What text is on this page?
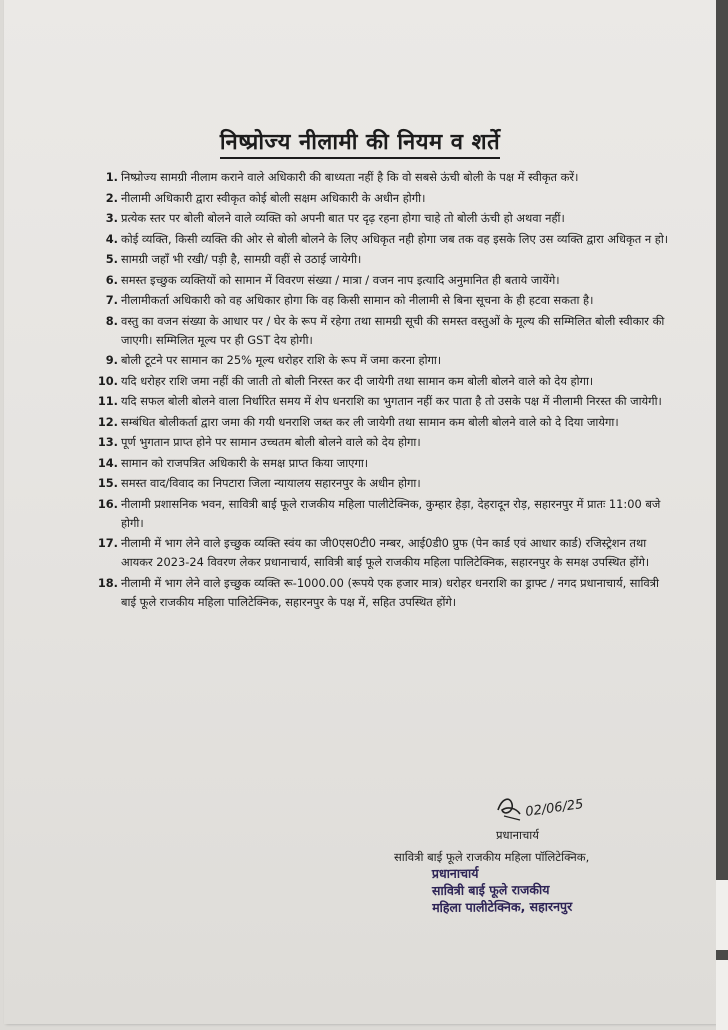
निष्प्रोज्य नीलामी की नियम व शर्ते
1. निष्प्रोज्य सामग्री नीलाम कराने वाले अधिकारी की बाध्यता नहीं है कि वो सबसे ऊंची बोली के पक्ष में स्वीकृत करें।
2. नीलामी अधिकारी द्वारा स्वीकृत कोई बोली सक्षम अधिकारी के अधीन होगी।
3. प्रत्येक स्तर पर बोली बोलने वाले व्यक्ति को अपनी बात पर दृढ़ रहना होगा चाहे तो बोली ऊंची हो अथवा नहीं।
4. कोई व्यक्ति, किसी व्यक्ति की ओर से बोली बोलने के लिए अधिकृत नही होगा जब तक वह इसके लिए उस व्यक्ति द्वारा अधिकृत न हो।
5. सामग्री जहाँ भी रखी/ पड़ी है, सामग्री वहीं से उठाई जायेगी।
6. समस्त इच्छुक व्यक्तियों को सामान में विवरण संख्या / मात्रा / वजन नाप इत्यादि अनुमानित ही बताये जायेंगे।
7. नीलामीकर्ता अधिकारी को वह अधिकार होगा कि वह किसी सामान को नीलामी से बिना सूचना के ही हटवा सकता है।
8. वस्तु का वजन संख्या के आधार पर / घेर के रूप में रहेगा तथा सामग्री सूची की समस्त वस्तुओं के मूल्य की सम्मिलित बोली स्वीकार की जाएगी। सम्मिलित मूल्य पर ही GST देय होगी।
9. बोली टूटने पर सामान का 25% मूल्य धरोहर राशि के रूप में जमा करना होगा।
10. यदि धरोहर राशि जमा नहीं की जाती तो बोली निरस्त कर दी जायेगी तथा सामान कम बोली बोलने वाले को देय होगा।
11. यदि सफल बोली बोलने वाला निर्धारित समय में शेप धनराशि का भुगतान नहीं कर पाता है तो उसके पक्ष में नीलामी निरस्त की जायेगी।
12. सम्बंधित बोलीकर्ता द्वारा जमा की गयी धनराशि जब्त कर ली जायेगी तथा सामान कम बोली बोलने वाले को दे दिया जायेगा।
13. पूर्ण भुगतान प्राप्त होने पर सामान उच्चतम बोली बोलने वाले को देय होगा।
14. सामान को राजपत्रित अधिकारी के समक्ष प्राप्त किया जाएगा।
15. समस्त वाद/विवाद का निपटारा जिला न्यायालय सहारनपुर के अधीन होगा।
16. नीलामी प्रशासनिक भवन, सावित्री बाई फूले राजकीय महिला पालीटेक्निक, कुम्हार हेड़ा, देहरादून रोड़, सहारनपुर में प्रातः 11:00 बजे होगी।
17. नीलामी में भाग लेने वाले इच्छुक व्यक्ति स्वंय का जी0एस0टी0 नम्बर, आई0डी0 प्रुफ (पेन कार्ड एवं आधार कार्ड) रजिस्ट्रेशन तथा आयकर 2023-24 विवरण लेकर प्रधानाचार्य, सावित्री बाई फूले राजकीय महिला पालिटेक्निक, सहारनपुर के समक्ष उपस्थित होंगे।
18. नीलामी में भाग लेने वाले इच्छुक व्यक्ति रू-1000.00 (रूपये एक हजार मात्र) धरोहर धनराशि का ड्राफ्ट / नगद प्रधानाचार्य, सावित्री बाई फूले राजकीय महिला पालिटेक्निक, सहारनपुर के पक्ष में, सहित उपस्थित होंगे।
02/06/25
प्रधानाचार्य
सावित्री बाई फूले राजकीय महिला पॉलिटेक्निक,
प्रधानाचार्य
सावित्री बाई फूले राजकीय
महिला पालीटेक्निक, सहारनपुर
